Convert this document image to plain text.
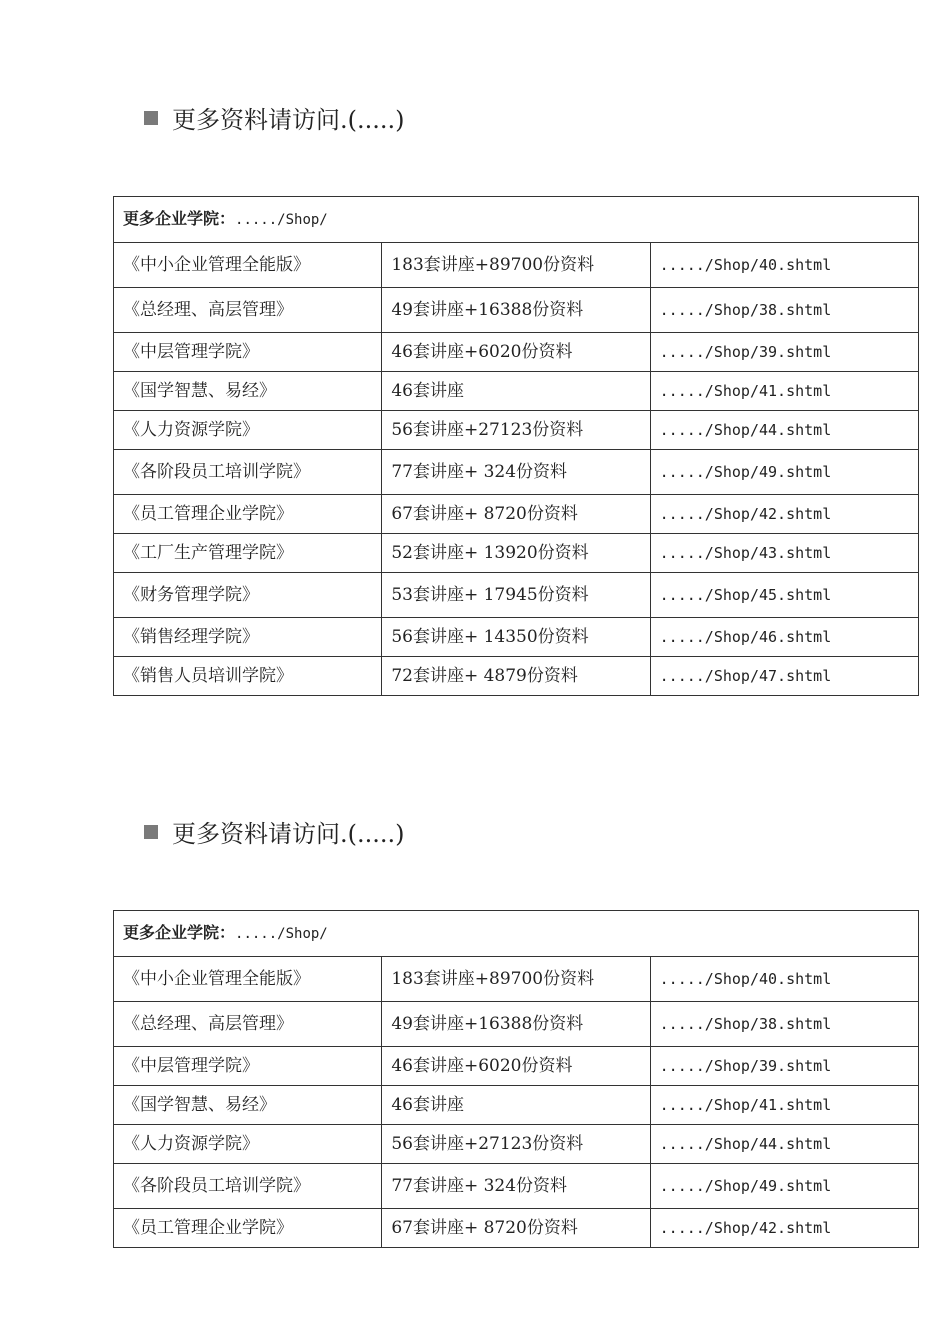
更多资料请访问.(.....)
更多企业学院：...../Shop/		
《中小企业管理全能版》	183套讲座+89700份资料	...../Shop/40.shtml
《总经理、高层管理》	49套讲座+16388份资料	...../Shop/38.shtml
《中层管理学院》	46套讲座+6020份资料	...../Shop/39.shtml
《国学智慧、易经》	46套讲座	...../Shop/41.shtml
《人力资源学院》	56套讲座+27123份资料	...../Shop/44.shtml
《各阶段员工培训学院》	77套讲座+ 324份资料	...../Shop/49.shtml
《员工管理企业学院》	67套讲座+ 8720份资料	...../Shop/42.shtml
《工厂生产管理学院》	52套讲座+ 13920份资料	...../Shop/43.shtml
《财务管理学院》	53套讲座+ 17945份资料	...../Shop/45.shtml
《销售经理学院》	56套讲座+ 14350份资料	...../Shop/46.shtml
《销售人员培训学院》	72套讲座+ 4879份资料	...../Shop/47.shtml
更多资料请访问.(.....)
更多企业学院：...../Shop/		
《中小企业管理全能版》	183套讲座+89700份资料	...../Shop/40.shtml
《总经理、高层管理》	49套讲座+16388份资料	...../Shop/38.shtml
《中层管理学院》	46套讲座+6020份资料	...../Shop/39.shtml
《国学智慧、易经》	46套讲座	...../Shop/41.shtml
《人力资源学院》	56套讲座+27123份资料	...../Shop/44.shtml
《各阶段员工培训学院》	77套讲座+ 324份资料	...../Shop/49.shtml
《员工管理企业学院》	67套讲座+ 8720份资料	...../Shop/42.shtml
